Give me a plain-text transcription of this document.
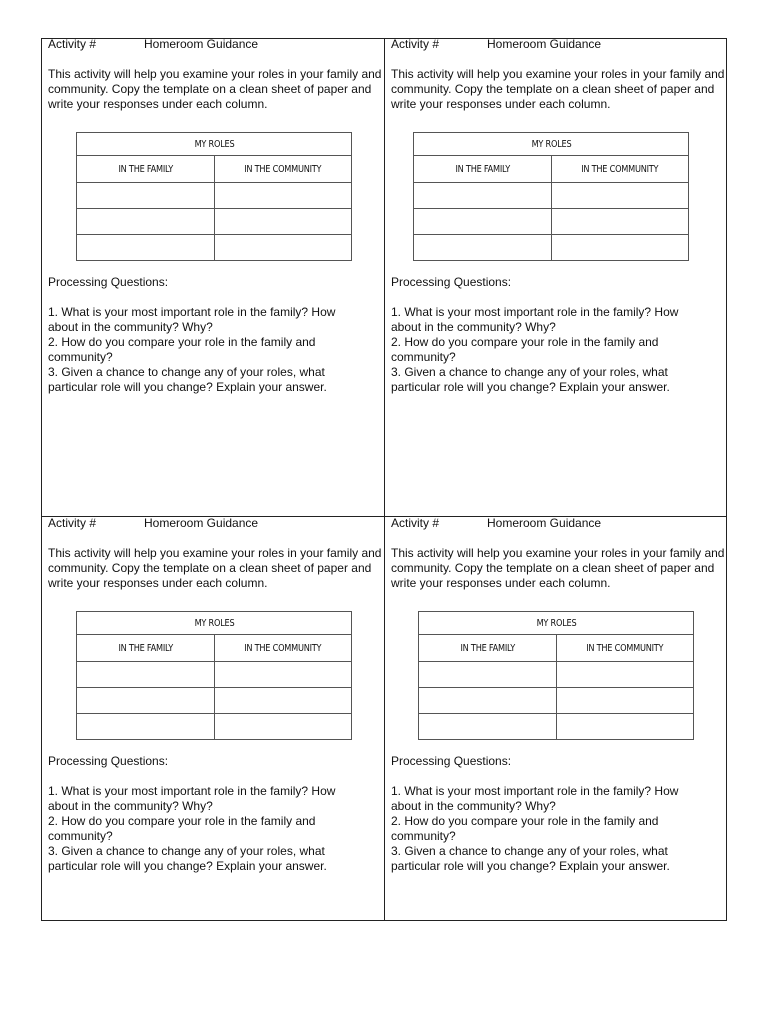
Activity #	Homeroom Guidance

This activity will help you examine your roles in your family and community. Copy the template on a clean sheet of paper and write your responses under each column.

MY ROLES	
IN THE FAMILY	IN THE COMMUNITY

Processing Questions:

1. What is your most important role in the family? How about in the community? Why?

2. How do you compare your role in the family and community?

3. Given a chance to change any of your roles, what particular role will you change? Explain your answer.

Activity #	Homeroom Guidance

This activity will help you examine your roles in your family and community. Copy the template on a clean sheet of paper and write your responses under each column.

MY ROLES	
IN THE FAMILY	IN THE COMMUNITY

Processing Questions:

1. What is your most important role in the family? How about in the community? Why?

2. How do you compare your role in the family and community?

3. Given a chance to change any of your roles, what particular role will you change? Explain your answer.

Activity #	Homeroom Guidance

This activity will help you examine your roles in your family and community. Copy the template on a clean sheet of paper and write your responses under each column.

MY ROLES	
IN THE FAMILY	IN THE COMMUNITY

Processing Questions:

1. What is your most important role in the family? How about in the community? Why?

2. How do you compare your role in the family and community?

3. Given a chance to change any of your roles, what particular role will you change? Explain your answer.

Activity #	Homeroom Guidance

This activity will help you examine your roles in your family and community. Copy the template on a clean sheet of paper and write your responses under each column.

MY ROLES	
IN THE FAMILY	IN THE COMMUNITY

Processing Questions:

1. What is your most important role in the family? How about in the community? Why?

2. How do you compare your role in the family and community?

3. Given a chance to change any of your roles, what particular role will you change? Explain your answer.
